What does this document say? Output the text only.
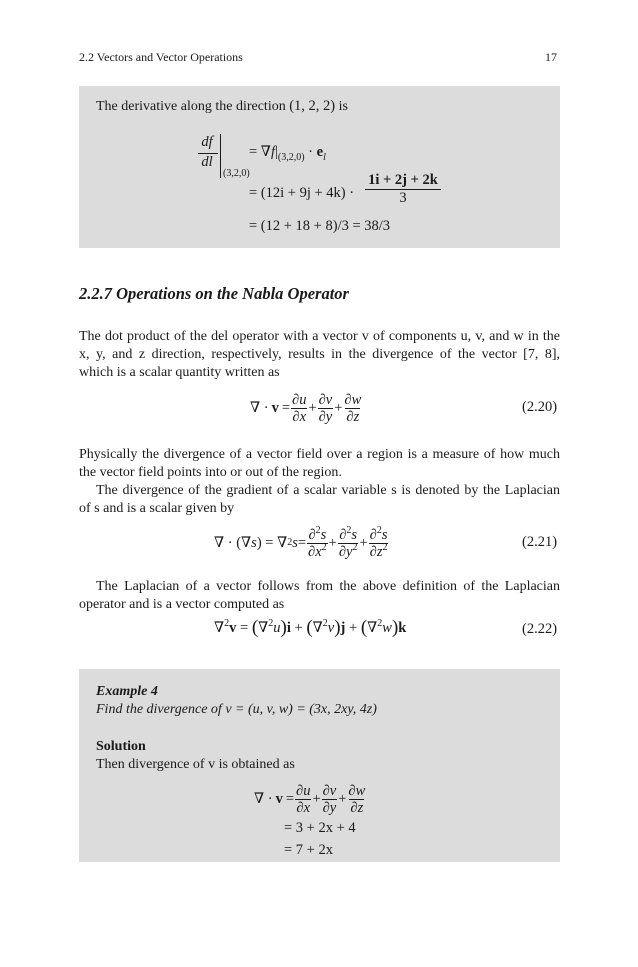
2.2 Vectors and Vector Operations	17
The derivative along the direction (1, 2, 2) is
df
dl
(3,2,0)
= $\nabla f|_{(3,2,0)} \cdot e_l$
= $(12i + 9j + 4k) \cdot \frac{1i + 2j + 2k}{3}$
= (12 + 18 + 8)/3 = 38/3
2.2.7 Operations on the Nabla Operator
The dot product of the del operator with a vector v of components u, v, and w in the
x, y, and z direction, respectively, results in the divergence of the vector [7, 8],
which is a scalar quantity written as
∇ · $v = \frac{\partial u}{\partial x} + \frac{\partial v}{\partial y} + \frac{\partial w}{\partial z}$	(2.20)
Physically the divergence of a vector field over a region is a measure of how much
the vector field points into or out of the region.
The divergence of the gradient of a scalar variable s is denoted by the Laplacian
of s and is a scalar given by
∇ · (∇ s ) = ∇ 2 $s = \frac{\partial^2s}{\partial x^2} + \frac{\partial^2s}{\partial y^2} + \frac{\partial^2s}{\partial z^2}$	(2.21)
The Laplacian of a vector follows from the above definition of the Laplacian
operator and is a vector computed as
∇$^2$v = (∇$^2$u)i + (∇$^2$v)j + (∇$^2$w)k	(2.22)
Example 4
Find the divergence of v = (u, v, w) = (3x, 2xy, 4z)
Solution
Then divergence of v is obtained as
∇ · $v = \frac{\partial u}{\partial x} + \frac{\partial v}{\partial y} + \frac{\partial w}{\partial z}$
= 3 + 2x + 4
= 7 + 2x
